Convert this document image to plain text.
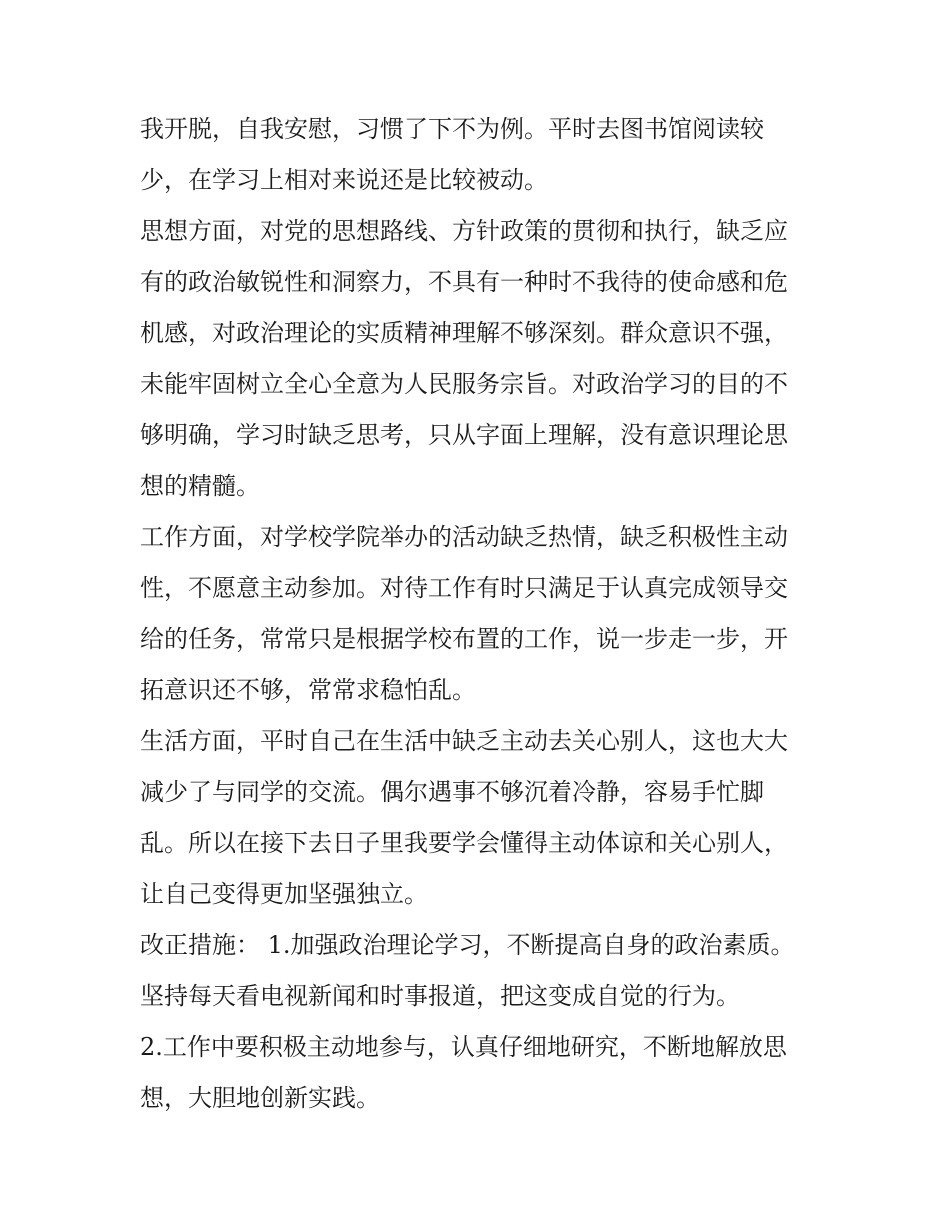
我开脱，自我安慰，习惯了下不为例。平时去图书馆阅读较
少，在学习上相对来说还是比较被动。

思想方面，对党的思想路线、方针政策的贯彻和执行，缺乏应
有的政治敏锐性和洞察力，不具有一种时不我待的使命感和危
机感，对政治理论的实质精神理解不够深刻。群众意识不强，
未能牢固树立全心全意为人民服务宗旨。对政治学习的目的不
够明确，学习时缺乏思考，只从字面上理解，没有意识理论思
想的精髓。

工作方面，对学校学院举办的活动缺乏热情，缺乏积极性主动
性，不愿意主动参加。对待工作有时只满足于认真完成领导交
给的任务，常常只是根据学校布置的工作，说一步走一步，开
拓意识还不够，常常求稳怕乱。

生活方面，平时自己在生活中缺乏主动去关心别人，这也大大
减少了与同学的交流。偶尔遇事不够沉着冷静，容易手忙脚
乱。所以在接下去日子里我要学会懂得主动体谅和关心别人，
让自己变得更加坚强独立。

改正措施： 1.加强政治理论学习，不断提高自身的政治素质。
坚持每天看电视新闻和时事报道，把这变成自觉的行为。

2.工作中要积极主动地参与，认真仔细地研究，不断地解放思
想，大胆地创新实践。
